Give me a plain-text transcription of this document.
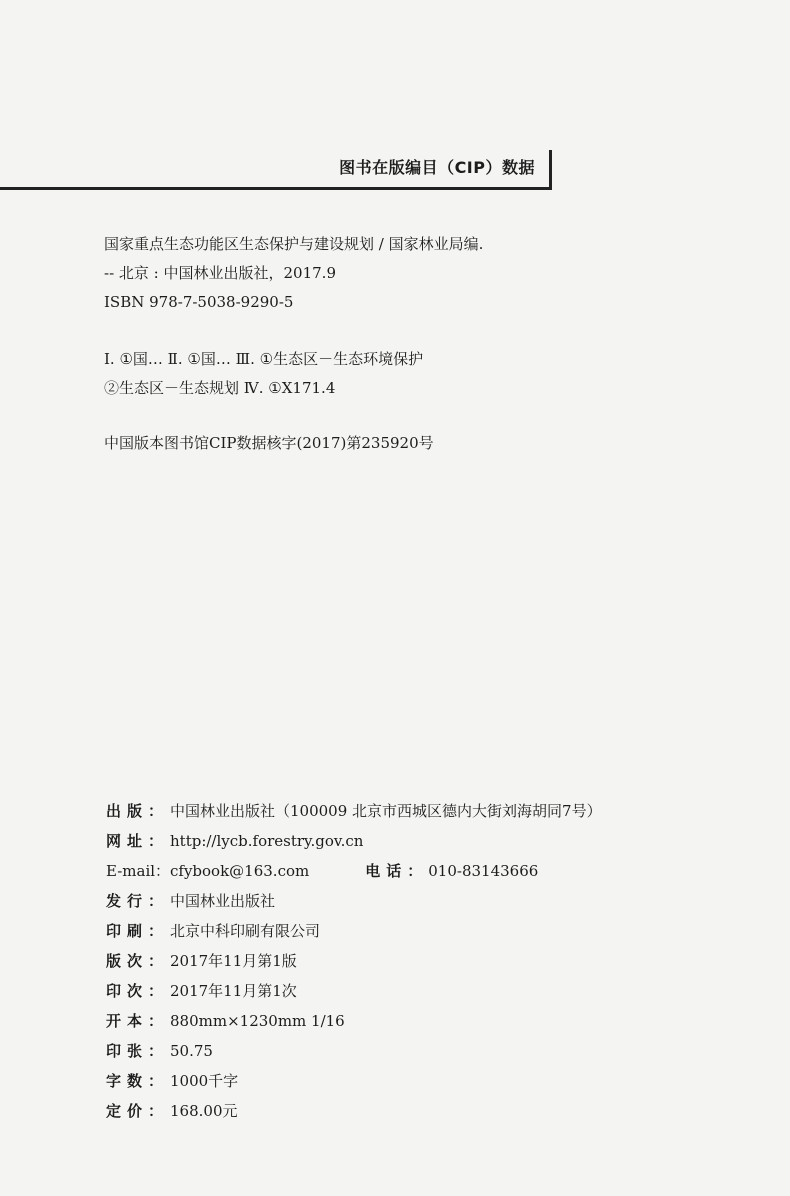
图书在版编目（CIP）数据
国家重点生态功能区生态保护与建设规划 / 国家林业局编.
-- 北京 : 中国林业出版社，2017.9
ISBN 978-7-5038-9290-5
Ⅰ. ①国… Ⅱ. ①国… Ⅲ. ①生态区－生态环境保护
②生态区－生态规划 Ⅳ. ①X171.4
中国版本图书馆CIP数据核字(2017)第235920号
出版： 中国林业出版社（100009 北京市西城区德内大街刘海胡同7号）
网址： http://lycb.forestry.gov.cn
E-mail： cfybook@163.com	电话： 010-83143666
发行： 中国林业出版社
印刷： 北京中科印刷有限公司
版次： 2017年11月第1版
印次： 2017年11月第1次
开本： 880mm×1230mm 1/16
印张： 50.75
字数： 1000千字
定价： 168.00元
